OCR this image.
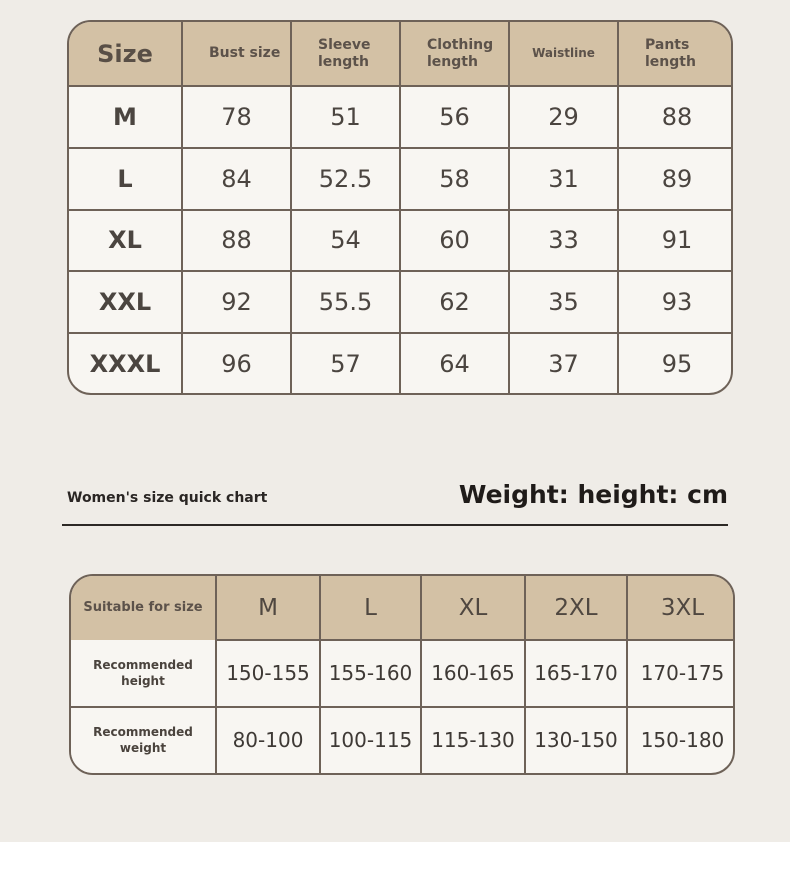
Size	Bust size	Sleeve length	Clothing length	Waistline	Pants length
M	78	51	56	29	88
L	84	52.5	58	31	89
XL	88	54	60	33	91
XXL	92	55.5	62	35	93
XXXL	96	57	64	37	95
Women's size quick chart	Weight: height: cm
Suitable for size	M	L	XL	2XL	3XL
Recommended height	150-155	155-160	160-165	165-170	170-175
Recommended weight	80-100	100-115	115-130	130-150	150-180
